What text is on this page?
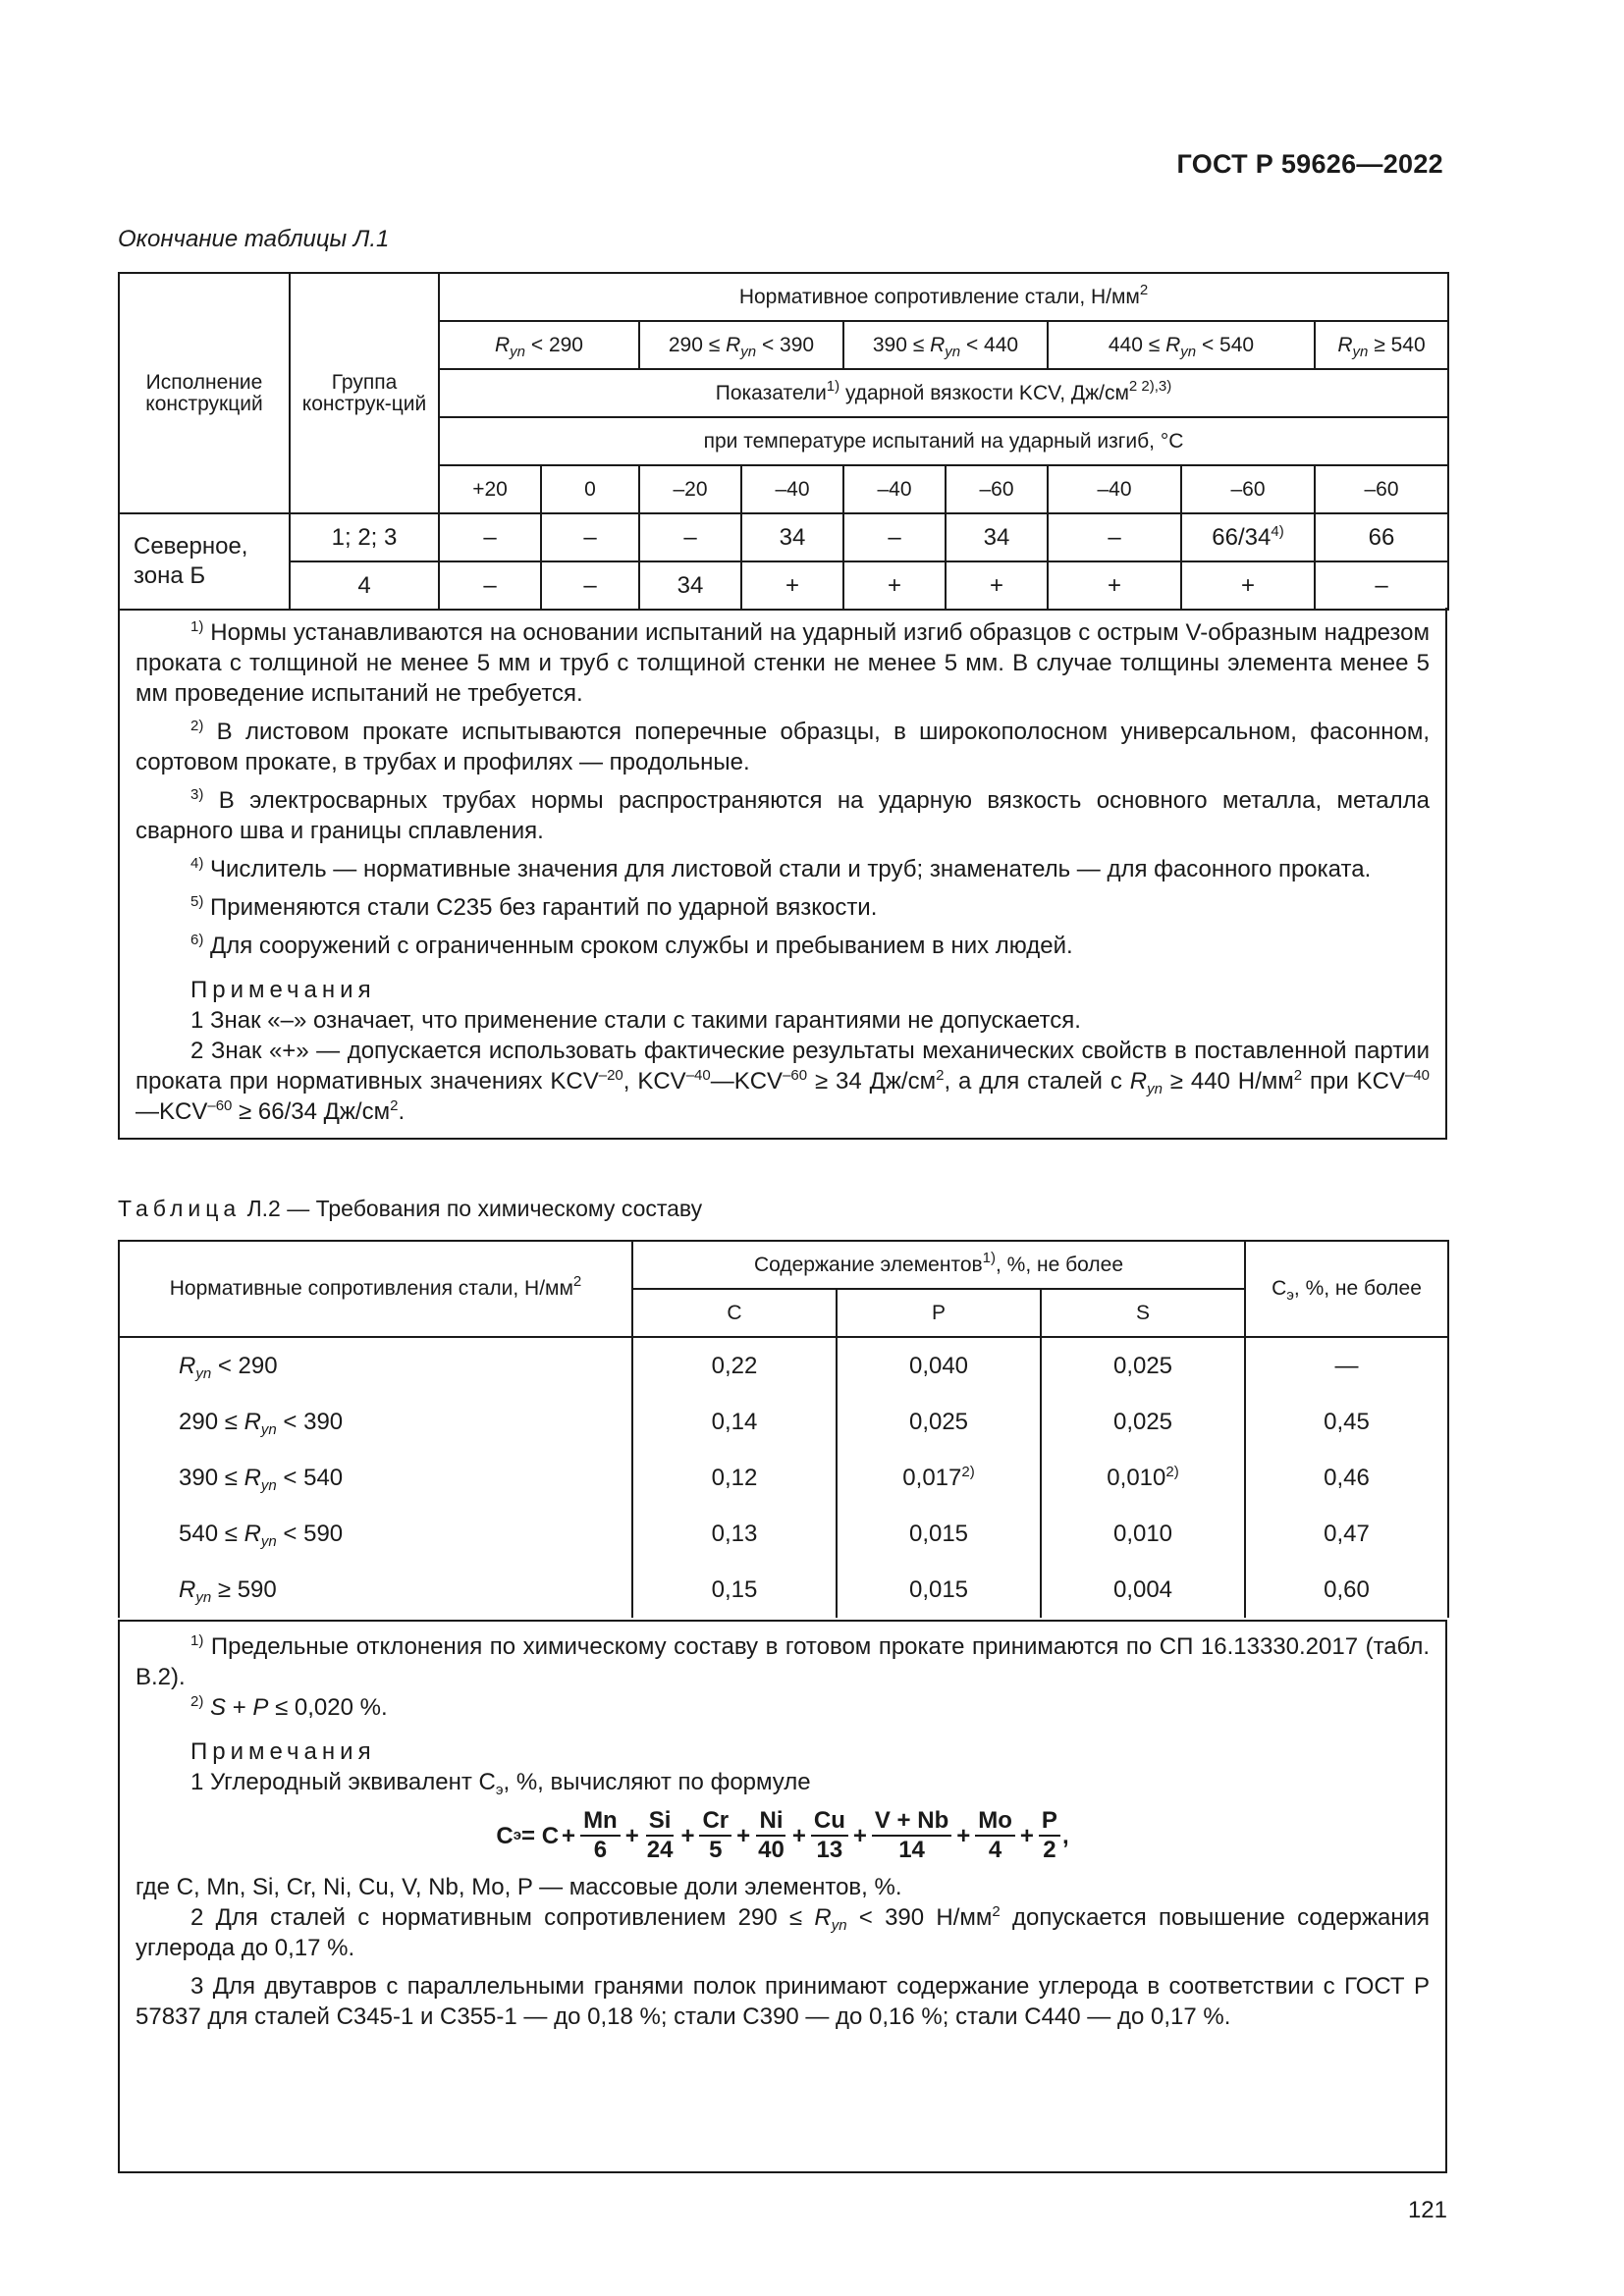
ГОСТ Р 59626—2022
Окончание таблицы Л.1
Исполнение конструкций	Группа конструк-ций	Нормативное сопротивление стали, $Н/мм^2$
		$R_{yn} < 290$		$290 \le R_{yn} < 390$		$390 \le R_{yn} < 440$		$440 \le R_{yn} < 540$		$R_{yn} \ge 540$
		Показатели$^{1)}$ ударной вязкости KCV, $Дж/см^{2 2),3)}$
		при температуре испытаний на ударный изгиб, °С								
		+20	0	–20	–40	–40	–60	–40	–60	–60
Северное, зона Б	1; 2; 3	–	–	–	34	–	34	–	66/34$^{4)}$	66
	4	–	–	34	+	+	+	+	+	–

$^{1)}$ Нормы устанавливаются на основании испытаний на ударный изгиб образцов с острым V-образным надрезом проката с толщиной не менее 5 мм и труб с толщиной стенки не менее 5 мм. В случае толщины элемента менее 5 мм проведение испытаний не требуется.

$^{2)}$ В листовом прокате испытываются поперечные образцы, в широкополосном универсальном, фасонном, сортовом прокате, в трубах и профилях — продольные.

$^{3)}$ В электросварных трубах нормы распространяются на ударную вязкость основного металла, металла сварного шва и границы сплавления.

$^{4)}$ Числитель — нормативные значения для листовой стали и труб; знаменатель — для фасонного проката.

$^{5)}$ Применяются стали С235 без гарантий по ударной вязкости.

$^{6)}$ Для сооружений с ограниченным сроком службы и пребыванием в них людей.

Примечания

1 Знак «–» означает, что применение стали с такими гарантиями не допускается.

2 Знак «+» — допускается использовать фактические результаты механических свойств в поставленной партии проката при нормативных значениях $KCV^{-20}$, $KCV^{-40}—KCV^{-60} \ge 34$ $Дж/см^2$, а для сталей с $R_{yn} \ge 440$ $Н/мм^2$ при $KCV^{-40}—KCV^{-60} \ge 66/34$ $Дж/см^2$.

Таблица Л.2 — Требования по химическому составу
Нормативные сопротивления стали, $Н/мм^2$	Содержание элементов$^{1)}$, %, не более			$C_э$, %, не более
	C	P	S	
$R_{yn} < 290$	0,22	0,040	0,025	—
$290 \le R_{yn} < 390$	0,14	0,025	0,025	0,45
$390 \le R_{yn} < 540$	0,12	0,017$^{2)}$	0,010$^{2)}$	0,46
$540 \le R_{yn} < 590$	0,13	0,015	0,010	0,47
$R_{yn} \ge 590$	0,15	0,015	0,004	0,60

$^{1)}$ Предельные отклонения по химическому составу в готовом прокате принимаются по СП 16.13330.2017 (табл. В.2).

$^{2)}$ S + P ≤ 0,020 %.

Примечания

1 Углеродный эквивалент $C_э$, %, вычисляют по формуле

C $э = C + \frac{Mn}{6} + \frac{Si}{24} + \frac{Cr}{5} + \frac{Ni}{40} + \frac{Cu}{13} + \frac{V + Nb}{14} + \frac{Mo}{4} + \frac{P}{2}$ ,

где C, Mn, Si, Cr, Ni, Cu, V, Nb, Mo, P — массовые доли элементов, %.

2 Для сталей с нормативным сопротивлением $290 \le R_{yn} < 390$ $Н/мм^2$ допускается повышение содержания углерода до 0,17 %.

3 Для двутавров с параллельными гранями полок принимают содержание углерода в соответствии с ГОСТ Р 57837 для сталей С345-1 и С355-1 — до 0,18 %; стали С390 — до 0,16 %; стали С440 — до 0,17 %.

121
